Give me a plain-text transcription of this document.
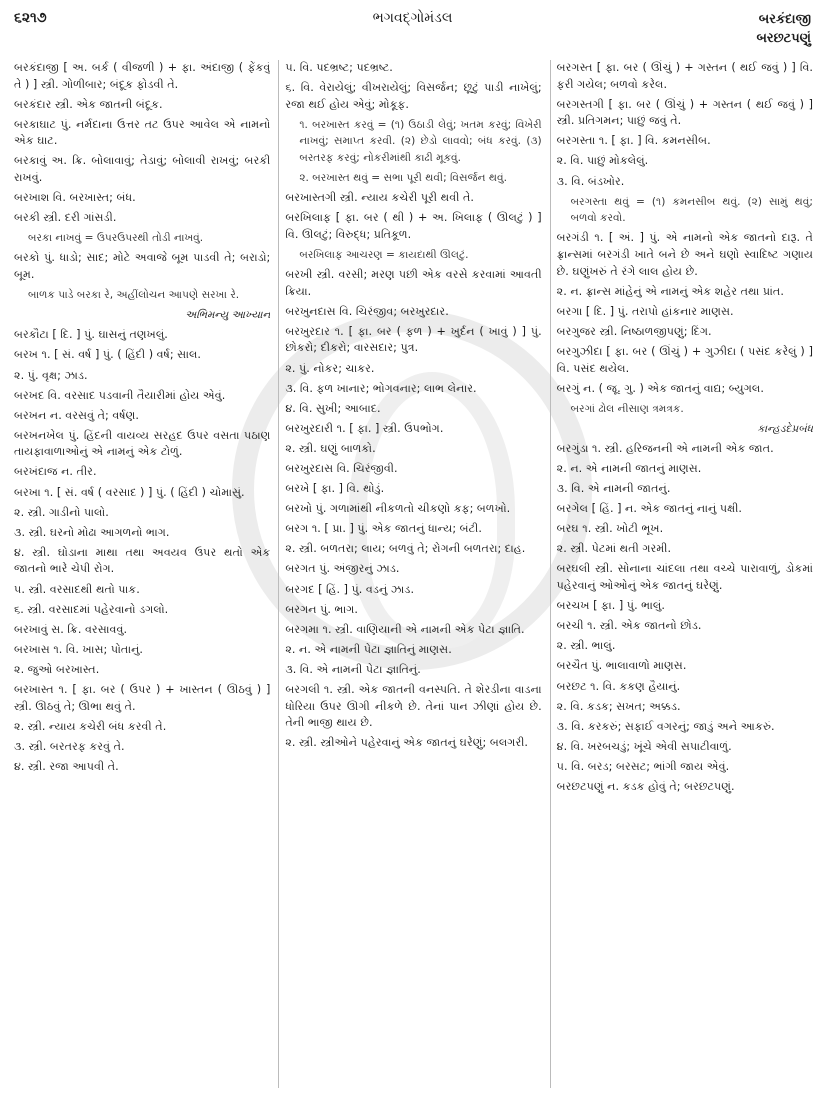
૬૨૧૭	ભગવદ્ગોમંડલ	બરકંદાજી
બરછટપણું

બરકંદાજી [ અ. બર્ક ( વીજળી ) + ફા. અંદાજી ( ફેંકવું તે ) ] સ્ત્રી. ગોળીબાર; બંદૂક ફોડવી તે.

બરકંદાર સ્ત્રી. એક જાતની બંદૂક.

બરકાઘાટ પું. નર્મદાના ઉત્તર તટ ઉપર આવેલ એ નામનો એક ઘાટ.

બરકાવું અ. ક્રિ. બોલાવાવું; તેડાવું; બોલાવી રાખવું; બરકી રાખવું.

બરખાશ વિ. બરખાસ્ત; બંધ.

બરકી સ્ત્રી. દરી ગાંસડી.

બરકા નાખવું = ઉપરઉપરથી તોડી નાખવું.

બરકો પું. ધાડો; સાદ; મોટે અવાજે બૂમ પાડવી તે; બરાડો; બૂમ.

બાળક પાડે બરકા રે, અહીંલોચન આપણે સરખા રે.

અભિમન્યુ આખ્યાન

બરકૌટા [ દિ. ] પું. ઘાસનું તણખલું.

બરખ ૧. [ સં. વર્ષ ] પું. ( હિંદી ) વર્ષ; સાલ.

૨. પું. વૃક્ષ; ઝાડ.

બરખદ વિ. વરસાદ પડવાની તૈયારીમાં હોય એવું.

બરખન ન. વરસવું તે; વર્ષણ.

બરખનખેલ પું. હિંદની વાયવ્ય સરહદ ઉપર વસતા પઠાણ તાયફાવાળાઓનું એ નામનું એક ટોળું.

બરખંદાજ ન. તીર.

બરખા ૧. [ સં. વર્ષ ( વરસાદ ) ] પું. ( હિંદી ) ચોમાસું.

૨. સ્ત્રી. ગાડીનો પાલો.

૩. સ્ત્રી. ઘરનો મોઢા આગળનો ભાગ.

૪. સ્ત્રી. ઘોડાના માથા તથા અવયવ ઉપર થતો એક જાતનો ભારે ચેપી રોગ.

૫. સ્ત્રી. વરસાદથી થતો પાક.

૬. સ્ત્રી. વરસાદમાં પહેરવાનો ડગલો.

બરખાવું સ. ક્રિ. વરસાવવું.

બરખાસ ૧. વિ. ખાસ; પોતાનું.

૨. જુઓ બરખાસ્ત.

બરખાસ્ત ૧. [ ફા. બર ( ઉપર ) + ખાસ્તન ( ઊઠવું ) ] સ્ત્રી. ઊઠવું તે; ઊભા થવું તે.

૨. સ્ત્રી. ન્યાય કચેરી બંધ કરવી તે.

૩. સ્ત્રી. બરતરફ કરવું તે.

૪. સ્ત્રી. રજા આપવી તે.

૫. વિ. પદભ્રષ્ટ; પદભ્રષ્ટ.

૬. વિ. વેરાયેલું; વીખરાયેલું; વિસર્જન; છૂટું પાડી નાખેલું; રજા થઈ હોય એવું; મોકૂફ.

૧. બરખાસ્ત કરવું = (૧) ઉઠાડી લેવું; ખતમ કરવું; વિખેરી નાખવું; સમાપ્ત કરવી. (૨) છેડો લાવવો; બંધ કરવું. (૩) બરતરફ કરવું; નોકરીમાંથી કાઢી મૂકવું.

૨. બરખાસ્ત થવું = સભા પૂરી થવી; વિસર્જન થવું.

બરખાસ્તગી સ્ત્રી. ન્યાય કચેરી પૂરી થવી તે.

બરખિલાફ [ ફા. બર ( થી ) + અ. ખિલાફ ( ઊલટું ) ] વિ. ઊલટું; વિરુદ્ધ; પ્રતિકૂળ.

બરખિલાફ આચરણ = કાયદાથી ઊલટું.

બરખી સ્ત્રી. વરસી; મરણ પછી એક વરસે કરવામાં આવતી ક્રિયા.

બરખુનદાસ વિ. ચિરંજીવ; બરખુરદાર.

બરખુરદાર ૧. [ ફા. બર ( ફળ ) + ખુર્દન ( ખાવું ) ] પું. છોકરો; દીકરો; વારસદાર; પુત્ર.

૨. પું. નોકર; ચાકર.

૩. વિ. ફળ ખાનાર; ભોગવનાર; લાભ લેનાર.

૪. વિ. સુખી; આબાદ.

બરખુરદારી ૧. [ ફા. ] સ્ત્રી. ઉપભોગ.

૨. સ્ત્રી. ઘણું બાળકો.

બરખુરદાસ વિ. ચિરંજીવી.

બરખે [ ફા. ] વિ. થોડું.

બરખો પું. ગળામાંથી નીકળતો ચીકણો કફ; બળખો.

બરગ ૧. [ પ્રા. ] પું. એક જાતનું ધાન્ય; બંટી.

૨. સ્ત્રી. બળતરા; લાય; બળવું તે; રોગની બળતરા; દાહ.

બરગત પું. અંજીરનું ઝાડ.

બરગદ [ હિં. ] પું. વડનું ઝાડ.

બરગન પું. ભાગ.

બરગમા ૧. સ્ત્રી. વાણિયાની એ નામની એક પેટા જ્ઞાતિ.

૨. ન. એ નામની પેટા જ્ઞાતિનું માણસ.

૩. વિ. એ નામની પેટા જ્ઞાતિનું.

બરગલી ૧. સ્ત્રી. એક જાતની વનસ્પતિ. તે શેરડીના વાડના ધોરિયા ઉપર ઊગી નીકળે છે. તેનાં પાન ઝીણાં હોય છે. તેની ભાજી થાય છે.

૨. સ્ત્રી. સ્ત્રીઓને પહેરવાનું એક જાતનું ઘરેણું; બલગરી.

બરગસ્ત [ ફા. બર ( ઊંચું ) + ગસ્તન ( થઈ જવું ) ] વિ. ફરી ગયેલ; બળવો કરેલ.

બરગસ્તગી [ ફા. બર ( ઊંચું ) + ગસ્તન ( થઈ જવું ) ] સ્ત્રી. પ્રતિગમન; પાછું જવું તે.

બરગસ્તા ૧. [ ફા. ] વિ. કમનસીબ.

૨. વિ. પાછું મોકલેલું.

૩. વિ. બંડખોર.

બરગસ્તા થવું = (૧) કમનસીબ થવું. (૨) સામું થવું; બળવો કરવો.

બરગંડી ૧. [ અં. ] પું. એ નામનો એક જાતનો દારૂ. તે ફ્રાન્સમાં બરગંડી ખાતે બને છે અને ઘણો સ્વાદિષ્ટ ગણાય છે. ઘણુંખરું તે રંગે લાલ હોય છે.

૨. ન. ફ્રાન્સ માંહેનું એ નામનું એક શહેર તથા પ્રાંત.

બરગા [ દિ. ] પું. તરાપો હાંકનાર માણસ.

બરગુજર સ્ત્રી. નિષ્ઠાળજીપણું; દિંગ.

બરગુઝીદા [ ફા. બર ( ઊંચું ) + ગુઝીદા ( પસંદ કરેલું ) ] વિ. પસંદ થયેલ.

બરગું ન. ( જૂ. ગુ. ) એક જાતનું વાદ્ય; બ્યુગલ.

બરગાં ઢોલ નીસાણ ત્રમત્રક.

કાન્હડદેપ્રબંધ

બરગુંડા ૧. સ્ત્રી. હરિજનની એ નામની એક જાત.

૨. ન. એ નામની જાતનું માણસ.

૩. વિ. એ નામની જાતનું.

બરગેલ [ હિં. ] ન. એક જાતનું નાનું પક્ષી.

બરઘ ૧. સ્ત્રી. ખોટી ભૂખ.

૨. સ્ત્રી. પેટમાં થતી ગરમી.

બરઘલી સ્ત્રી. સોનાના ચાંદલા તથા વચ્ચે પારાવાળું, ડોકમાં પહેરવાનું ઓઓનું એક જાતનું ઘરેણું.

બરચખ [ ફા. ] પું. ભાલું.

બરચી ૧. સ્ત્રી. એક જાતનો છોડ.

૨. સ્ત્રી. ભાલું.

બરચૈત પું. ભાલાવાળો માણસ.

બરછટ ૧. વિ. કકણ હૈયાનું.

૨. વિ. કડક; સખત; અક્કડ.

૩. વિ. કરકરું; સફાઈ વગરનું; જાડું અને આકરું.

૪. વિ. ખરબચડું; ખૂંચે એવી સપાટીવાળું.

૫. વિ. બરડ; બરસટ; ભાંગી જાય એવું.

બરછટપણું ન. કડક હોવું તે; બરછટપણું.
